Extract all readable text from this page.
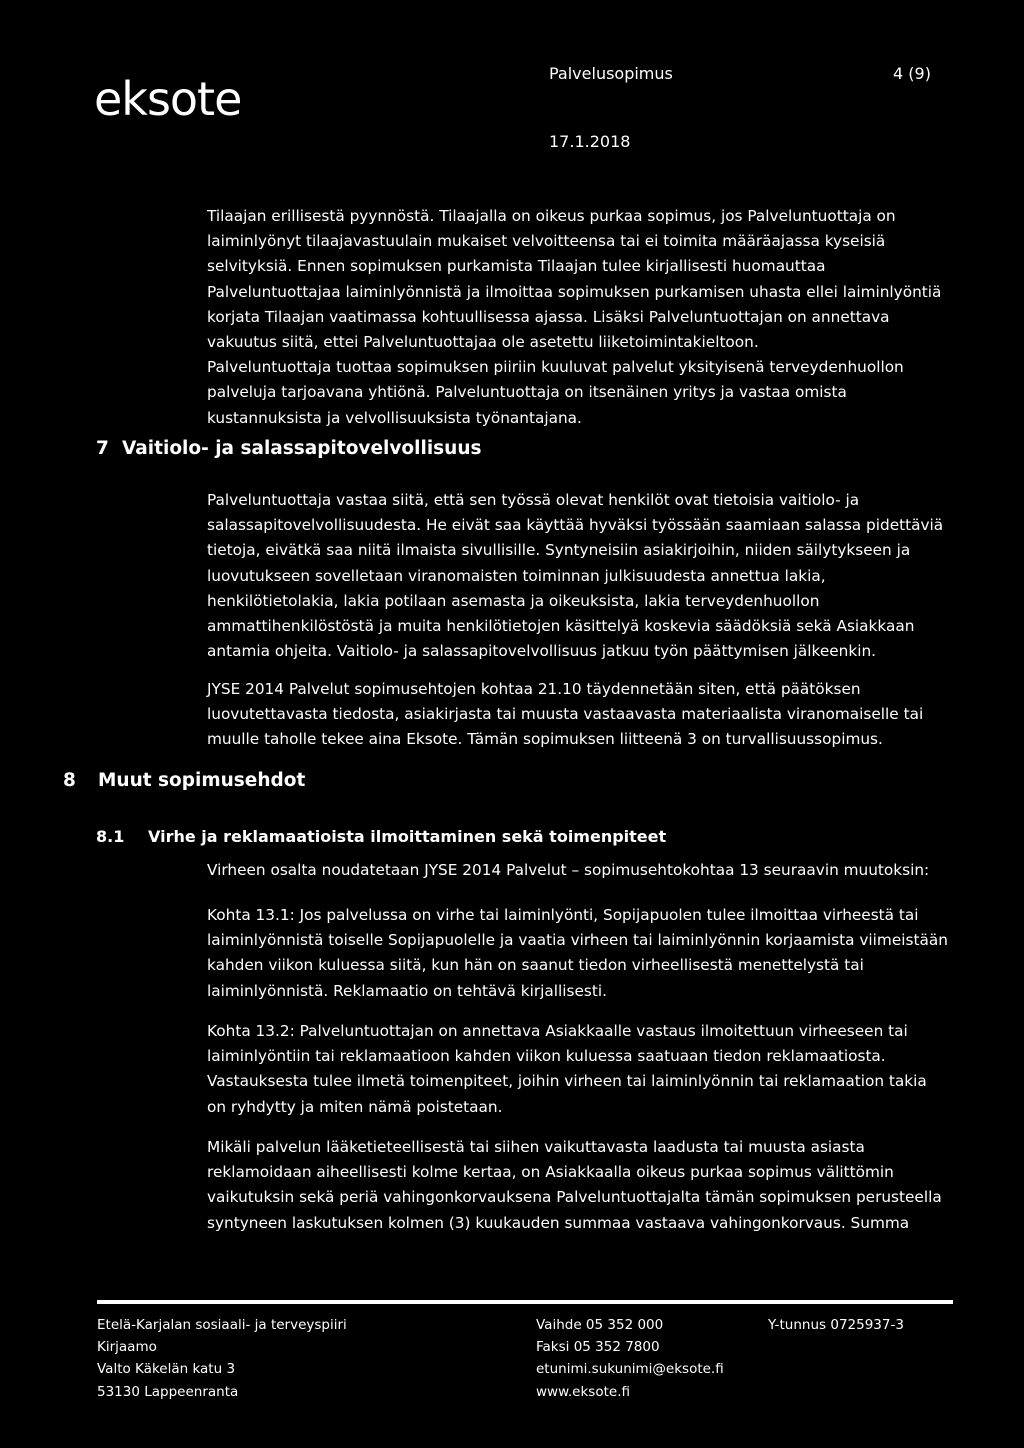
eksote	Palvelusopimus	4 (9)
17.1.2018
Tilaajan erillisestä pyynnöstä. Tilaajalla on oikeus purkaa sopimus, jos Palveluntuottaja on
laiminlyönyt tilaajavastuulain mukaiset velvoitteensa tai ei toimita määräajassa kyseisiä
selvityksiä. Ennen sopimuksen purkamista Tilaajan tulee kirjallisesti huomauttaa
Palveluntuottajaa laiminlyönnistä ja ilmoittaa sopimuksen purkamisen uhasta ellei laiminlyöntiä
korjata Tilaajan vaatimassa kohtuullisessa ajassa. Lisäksi Palveluntuottajan on annettava
vakuutus siitä, ettei Palveluntuottajaa ole asetettu liiketoimintakieltoon.
Palveluntuottaja tuottaa sopimuksen piiriin kuuluvat palvelut yksityisenä terveydenhuollon
palveluja tarjoavana yhtiönä. Palveluntuottaja on itsenäinen yritys ja vastaa omista
kustannuksista ja velvollisuuksista työnantajana.
7 Vaitiolo- ja salassapitovelvollisuus
Palveluntuottaja vastaa siitä, että sen työssä olevat henkilöt ovat tietoisia vaitiolo- ja
salassapitovelvollisuudesta. He eivät saa käyttää hyväksi työssään saamiaan salassa pidettäviä
tietoja, eivätkä saa niitä ilmaista sivullisille. Syntyneisiin asiakirjoihin, niiden säilytykseen ja
luovutukseen sovelletaan viranomaisten toiminnan julkisuudesta annettua lakia,
henkilötietolakia, lakia potilaan asemasta ja oikeuksista, lakia terveydenhuollon
ammattihenkilöstöstä ja muita henkilötietojen käsittelyä koskevia säädöksiä sekä Asiakkaan
antamia ohjeita. Vaitiolo- ja salassapitovelvollisuus jatkuu työn päättymisen jälkeenkin.
JYSE 2014 Palvelut sopimusehtojen kohtaa 21.10 täydennetään siten, että päätöksen
luovutettavasta tiedosta, asiakirjasta tai muusta vastaavasta materiaalista viranomaiselle tai
muulle taholle tekee aina Eksote. Tämän sopimuksen liitteenä 3 on turvallisuussopimus.
8 Muut sopimusehdot
8.1 Virhe ja reklamaatioista ilmoittaminen sekä toimenpiteet
Virheen osalta noudatetaan JYSE 2014 Palvelut – sopimusehtokohtaa 13 seuraavin muutoksin:
Kohta 13.1: Jos palvelussa on virhe tai laiminlyönti, Sopijapuolen tulee ilmoittaa virheestä tai
laiminlyönnistä toiselle Sopijapuolelle ja vaatia virheen tai laiminlyönnin korjaamista viimeistään
kahden viikon kuluessa siitä, kun hän on saanut tiedon virheellisestä menettelystä tai
laiminlyönnistä. Reklamaatio on tehtävä kirjallisesti.
Kohta 13.2: Palveluntuottajan on annettava Asiakkaalle vastaus ilmoitettuun virheeseen tai
laiminlyöntiin tai reklamaatioon kahden viikon kuluessa saatuaan tiedon reklamaatiosta.
Vastauksesta tulee ilmetä toimenpiteet, joihin virheen tai laiminlyönnin tai reklamaation takia
on ryhdytty ja miten nämä poistetaan.
Mikäli palvelun lääketieteellisestä tai siihen vaikuttavasta laadusta tai muusta asiasta
reklamoidaan aiheellisesti kolme kertaa, on Asiakkaalla oikeus purkaa sopimus välittömin
vaikutuksin sekä periä vahingonkorvauksena Palveluntuottajalta tämän sopimuksen perusteella
syntyneen laskutuksen kolmen (3) kuukauden summaa vastaava vahingonkorvaus. Summa
Etelä-Karjalan sosiaali- ja terveyspiiri
Kirjaamo
Valto Käkelän katu 3
53130 Lappeenranta
Vaihde 05 352 000
Faksi 05 352 7800
etunimi.sukunimi@eksote.fi
www.eksote.fi
Y-tunnus 0725937-3
